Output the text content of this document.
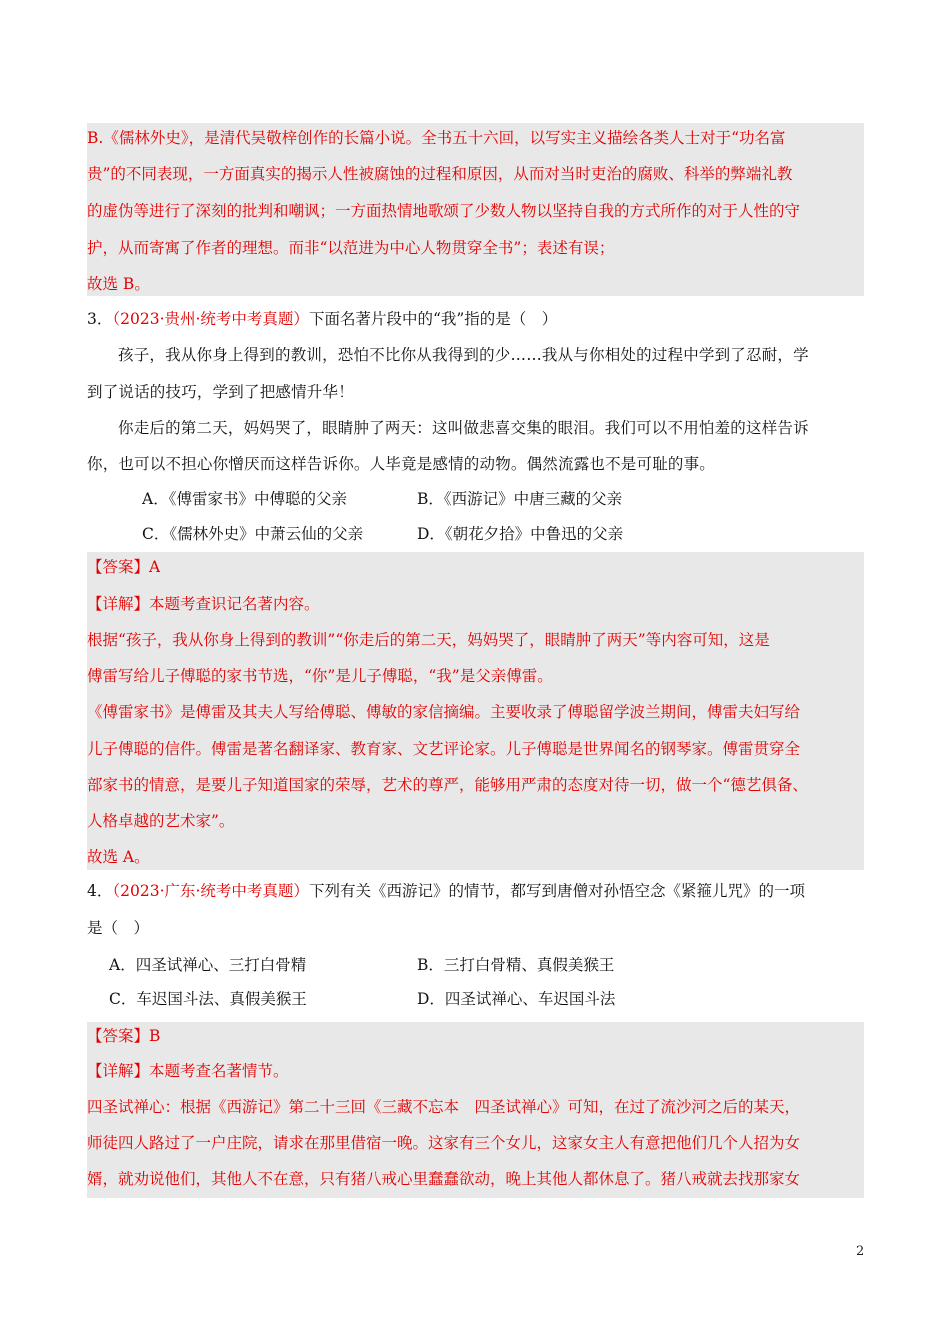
B.《儒林外史》，是清代吴敬梓创作的长篇小说。全书五十六回，以写实主义描绘各类人士对于“功名富
贵”的不同表现，一方面真实的揭示人性被腐蚀的过程和原因，从而对当时吏治的腐败、科举的弊端礼教
的虚伪等进行了深刻的批判和嘲讽；一方面热情地歌颂了少数人物以坚持自我的方式所作的对于人性的守
护，从而寄寓了作者的理想。而非“以范进为中心人物贯穿全书”；表述有误；
故选 B。
3．（2023·贵州·统考中考真题）下面名著片段中的“我”指的是（　）
孩子，我从你身上得到的教训，恐怕不比你从我得到的少……我从与你相处的过程中学到了忍耐，学
到了说话的技巧，学到了把感情升华！
你走后的第二天，妈妈哭了，眼睛肿了两天：这叫做悲喜交集的眼泪。我们可以不用怕羞的这样告诉
你，也可以不担心你憎厌而这样告诉你。人毕竟是感情的动物。偶然流露也不是可耻的事。
A．《傅雷家书》中傅聪的父亲	B．《西游记》中唐三藏的父亲
C．《儒林外史》中萧云仙的父亲	D．《朝花夕拾》中鲁迅的父亲
【答案】A
【详解】本题考查识记名著内容。
根据“孩子，我从你身上得到的教训”“你走后的第二天，妈妈哭了，眼睛肿了两天”等内容可知，这是
傅雷写给儿子傅聪的家书节选，“你”是儿子傅聪，“我”是父亲傅雷。
《傅雷家书》是傅雷及其夫人写给傅聪、傅敏的家信摘编。主要收录了傅聪留学波兰期间，傅雷夫妇写给
儿子傅聪的信件。傅雷是著名翻译家、教育家、文艺评论家。儿子傅聪是世界闻名的钢琴家。傅雷贯穿全
部家书的情意，是要儿子知道国家的荣辱，艺术的尊严，能够用严肃的态度对待一切，做一个“德艺俱备、
人格卓越的艺术家”。
故选 A。
4．（2023·广东·统考中考真题）下列有关《西游记》的情节，都写到唐僧对孙悟空念《紧箍儿咒》的一项
是（　）
A．四圣试禅心、三打白骨精	B．三打白骨精、真假美猴王
C．车迟国斗法、真假美猴王	D．四圣试禅心、车迟国斗法
【答案】B
【详解】本题考查名著情节。
四圣试禅心：根据《西游记》第二十三回《三藏不忘本　四圣试禅心》可知，在过了流沙河之后的某天，
师徒四人路过了一户庄院，请求在那里借宿一晚。这家有三个女儿，这家女主人有意把他们几个人招为女
婿，就劝说他们，其他人不在意，只有猪八戒心里蠢蠢欲动，晚上其他人都休息了。猪八戒就去找那家女
2
